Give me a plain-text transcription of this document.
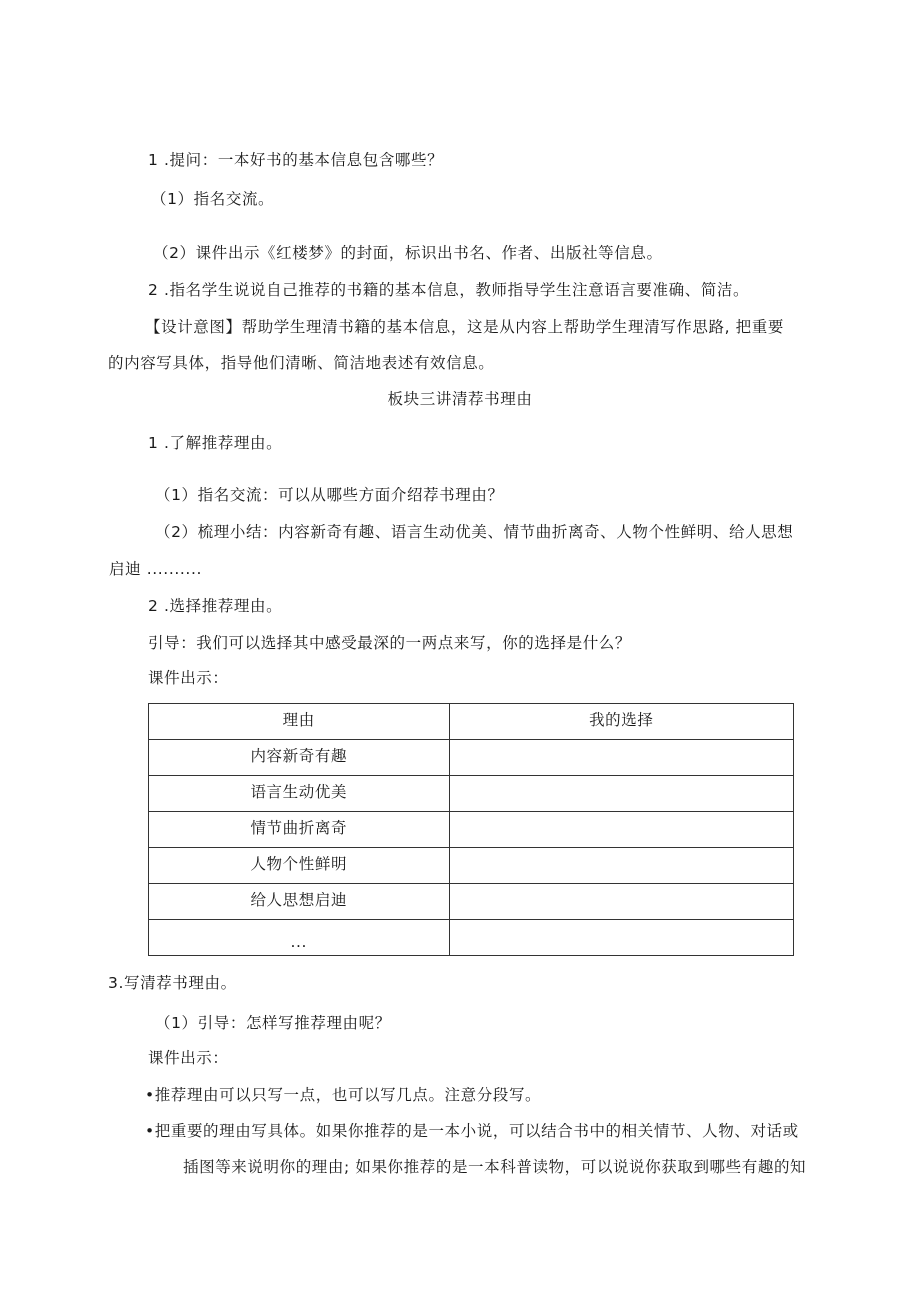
1 .提问：一本好书的基本信息包含哪些？
（1）指名交流。
（2）课件出示《红楼梦》的封面，标识出书名、作者、出版社等信息。
2 .指名学生说说自己推荐的书籍的基本信息，教师指导学生注意语言要准确、简洁。
【设计意图】帮助学生理清书籍的基本信息，这是从内容上帮助学生理清写作思路, 把重要
的内容写具体，指导他们清晰、简洁地表述有效信息。
板块三讲清荐书理由
1 .了解推荐理由。
（1）指名交流：可以从哪些方面介绍荐书理由？
（2）梳理小结：内容新奇有趣、语言生动优美、情节曲折离奇、人物个性鲜明、给人思想
启迪 ..........
2 .选择推荐理由。
引导：我们可以选择其中感受最深的一两点来写，你的选择是什么？
课件出示：
理由	我的选择
内容新奇有趣	
语言生动优美	
情节曲折离奇	
人物个性鲜明	
给人思想启迪	
...	
3.写清荐书理由。
（1）引导：怎样写推荐理由呢？
课件出示：
•推荐理由可以只写一点，也可以写几点。注意分段写。
•把重要的理由写具体。如果你推荐的是一本小说，可以结合书中的相关情节、人物、对话或
插图等来说明你的理由; 如果你推荐的是一本科普读物，可以说说你获取到哪些有趣的知
